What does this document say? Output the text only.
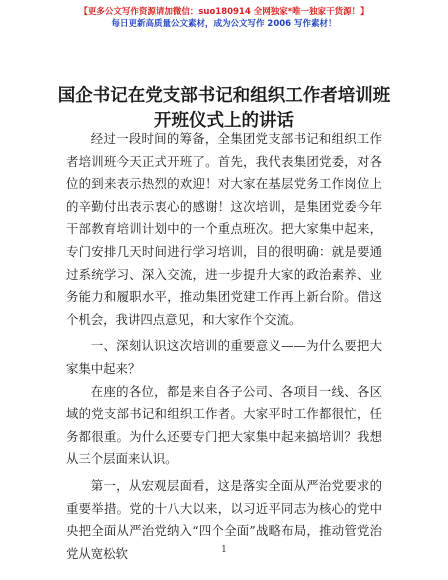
【更多公文写作资源请加微信：suo180914 全网独家*唯一独家干货源！】
每日更新高质量公文素材，成为公文写作 2006 写作素材！
国企书记在党支部书记和组织工作者培训班开班仪式上的讲话

经过一段时间的筹备，全集团党支部书记和组织工作者培训班今天正式开班了。首先，我代表集团党委，对各位的到来表示热烈的欢迎！对大家在基层党务工作岗位上的辛勤付出表示衷心的感谢！这次培训，是集团党委今年干部教育培训计划中的一个重点班次。把大家集中起来，专门安排几天时间进行学习培训，目的很明确：就是要通过系统学习、深入交流，进一步提升大家的政治素养、业务能力和履职水平，推动集团党建工作再上新台阶。借这个机会，我讲四点意见，和大家作个交流。

一、深刻认识这次培训的重要意义——为什么要把大家集中起来？

在座的各位，都是来自各子公司、各项目一线、各区域的党支部书记和组织工作者。大家平时工作都很忙，任务都很重。为什么还要专门把大家集中起来搞培训？我想从三个层面来认识。

第一，从宏观层面看，这是落实全面从严治党要求的重要举措。党的十八大以来，以习近平同志为核心的党中央把全面从严治党纳入“四个全面”战略布局，推动管党治党从宽松软	1
